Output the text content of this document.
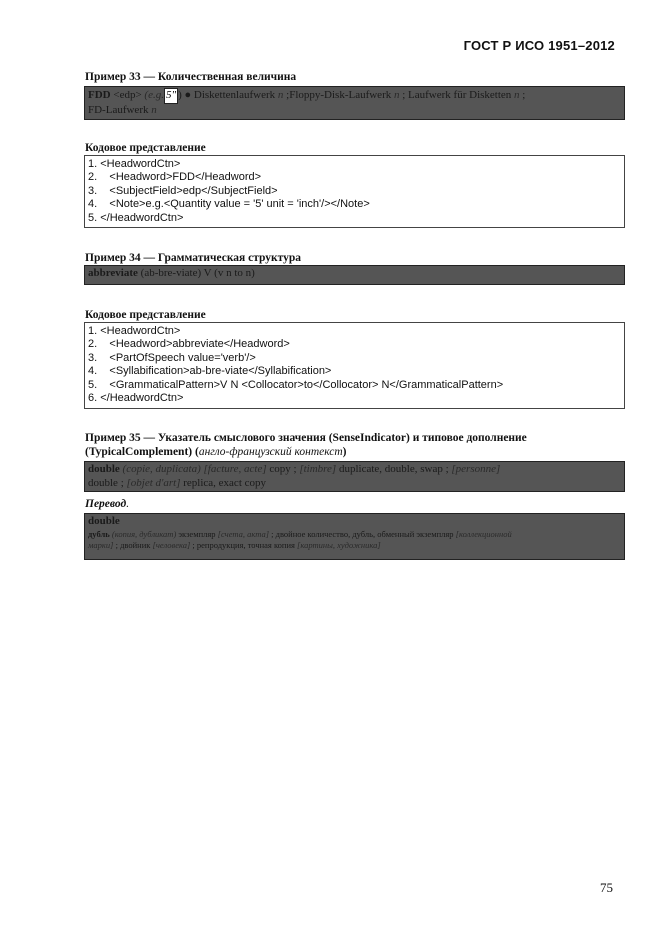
ГОСТ Р ИСО 1951–2012
Пример 33 — Количественная величина
FDD <edp> (e.g. 5" ) ● Diskettenlaufwerk n ;Floppy-Disk-Laufwerk n ; Laufwerk für Disketten n ;
FD-Laufwerk n
Кодовое представление
1. <HeadwordCtn>
2.    <Headword>FDD</Headword>
3.    <SubjectField>edp</SubjectField>
4.    <Note>e.g.<Quantity value = '5' unit = 'inch'/></Note>
5. </HeadwordCtn>
Пример 34 — Грамматическая структура
abbreviate (ab-bre-viate) V (v n to n)
Кодовое представление
1. <HeadwordCtn>
2.    <Headword>abbreviate</Headword>
3.    <PartOfSpeech value='verb'/>
4.    <Syllabification>ab-bre-viate</Syllabification>
5.    <GrammaticalPattern>V N <Collocator>to</Collocator> N</GrammaticalPattern>
6. </HeadwordCtn>
Пример 35 — Указатель смыслового значения (SenseIndicator) и типовое дополнение
(TypicalComplement) (англо-французский контекст)
double (copie, duplicata) [facture, acte] copy ; [timbre] duplicate, double, swap ; [personne]
double ; [objet d'art] replica, exact copy
Перевод.
double
дубль (копия, дубликат) экземпляр [счета, акта] ; двойное количество, дубль, обменный экземпляр [коллекционной
марки] ; двойник [человека] ; репродукция, точная копия [картины, художника]
75
